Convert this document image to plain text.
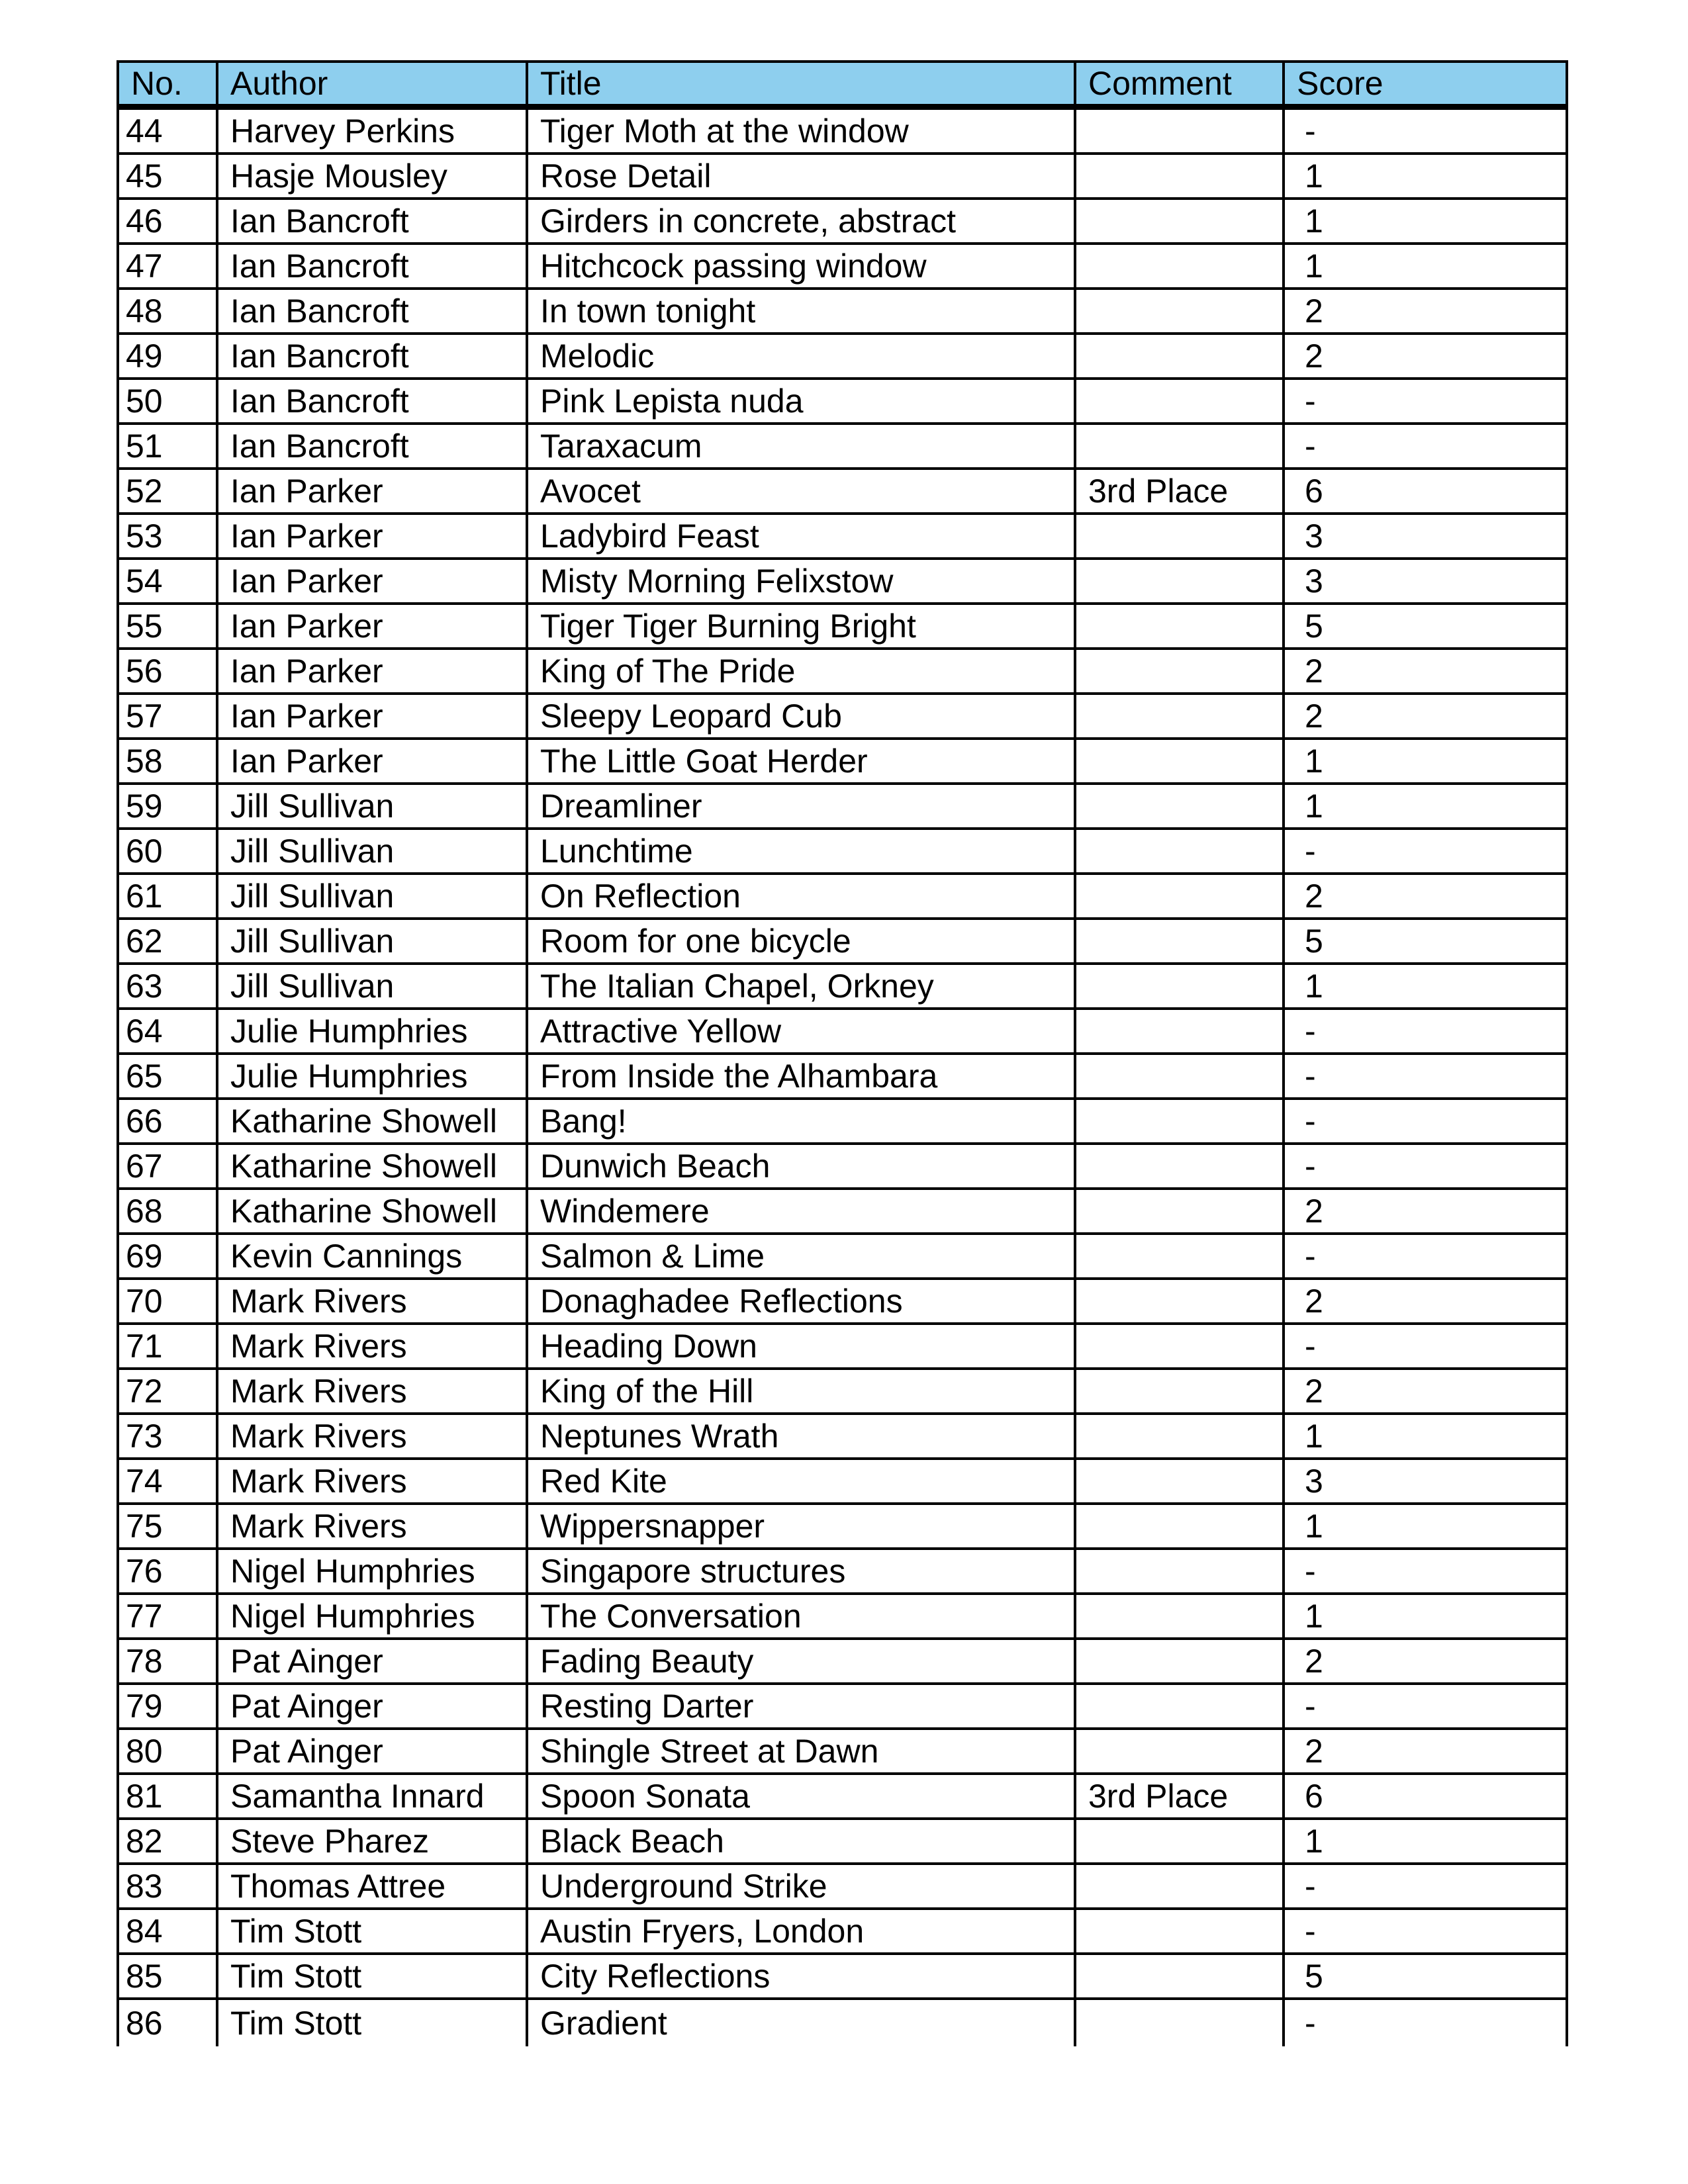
No.	Author	Title	Comment	Score
44	Harvey Perkins	Tiger Moth at the window		-
45	Hasje Mousley	Rose Detail		1
46	Ian Bancroft	Girders in concrete, abstract		1
47	Ian Bancroft	Hitchcock passing window		1
48	Ian Bancroft	In town tonight		2
49	Ian Bancroft	Melodic		2
50	Ian Bancroft	Pink Lepista nuda		-
51	Ian Bancroft	Taraxacum		-
52	Ian Parker	Avocet	3rd Place	6
53	Ian Parker	Ladybird Feast		3
54	Ian Parker	Misty Morning Felixstow		3
55	Ian Parker	Tiger Tiger Burning Bright		5
56	Ian Parker	King of The Pride		2
57	Ian Parker	Sleepy Leopard Cub		2
58	Ian Parker	The Little Goat Herder		1
59	Jill Sullivan	Dreamliner		1
60	Jill Sullivan	Lunchtime		-
61	Jill Sullivan	On Reflection		2
62	Jill Sullivan	Room for one bicycle		5
63	Jill Sullivan	The Italian Chapel, Orkney		1
64	Julie Humphries	Attractive Yellow		-
65	Julie Humphries	From Inside the Alhambara		-
66	Katharine Showell	Bang!		-
67	Katharine Showell	Dunwich Beach		-
68	Katharine Showell	Windemere		2
69	Kevin Cannings	Salmon & Lime		-
70	Mark Rivers	Donaghadee Reflections		2
71	Mark Rivers	Heading Down		-
72	Mark Rivers	King of the Hill		2
73	Mark Rivers	Neptunes Wrath		1
74	Mark Rivers	Red Kite		3
75	Mark Rivers	Wippersnapper		1
76	Nigel Humphries	Singapore structures		-
77	Nigel Humphries	The Conversation		1
78	Pat Ainger	Fading Beauty		2
79	Pat Ainger	Resting Darter		-
80	Pat Ainger	Shingle Street at Dawn		2
81	Samantha Innard	Spoon Sonata	3rd Place	6
82	Steve Pharez	Black Beach		1
83	Thomas Attree	Underground Strike		-
84	Tim Stott	Austin Fryers, London		-
85	Tim Stott	City Reflections		5
86	Tim Stott	Gradient		-
